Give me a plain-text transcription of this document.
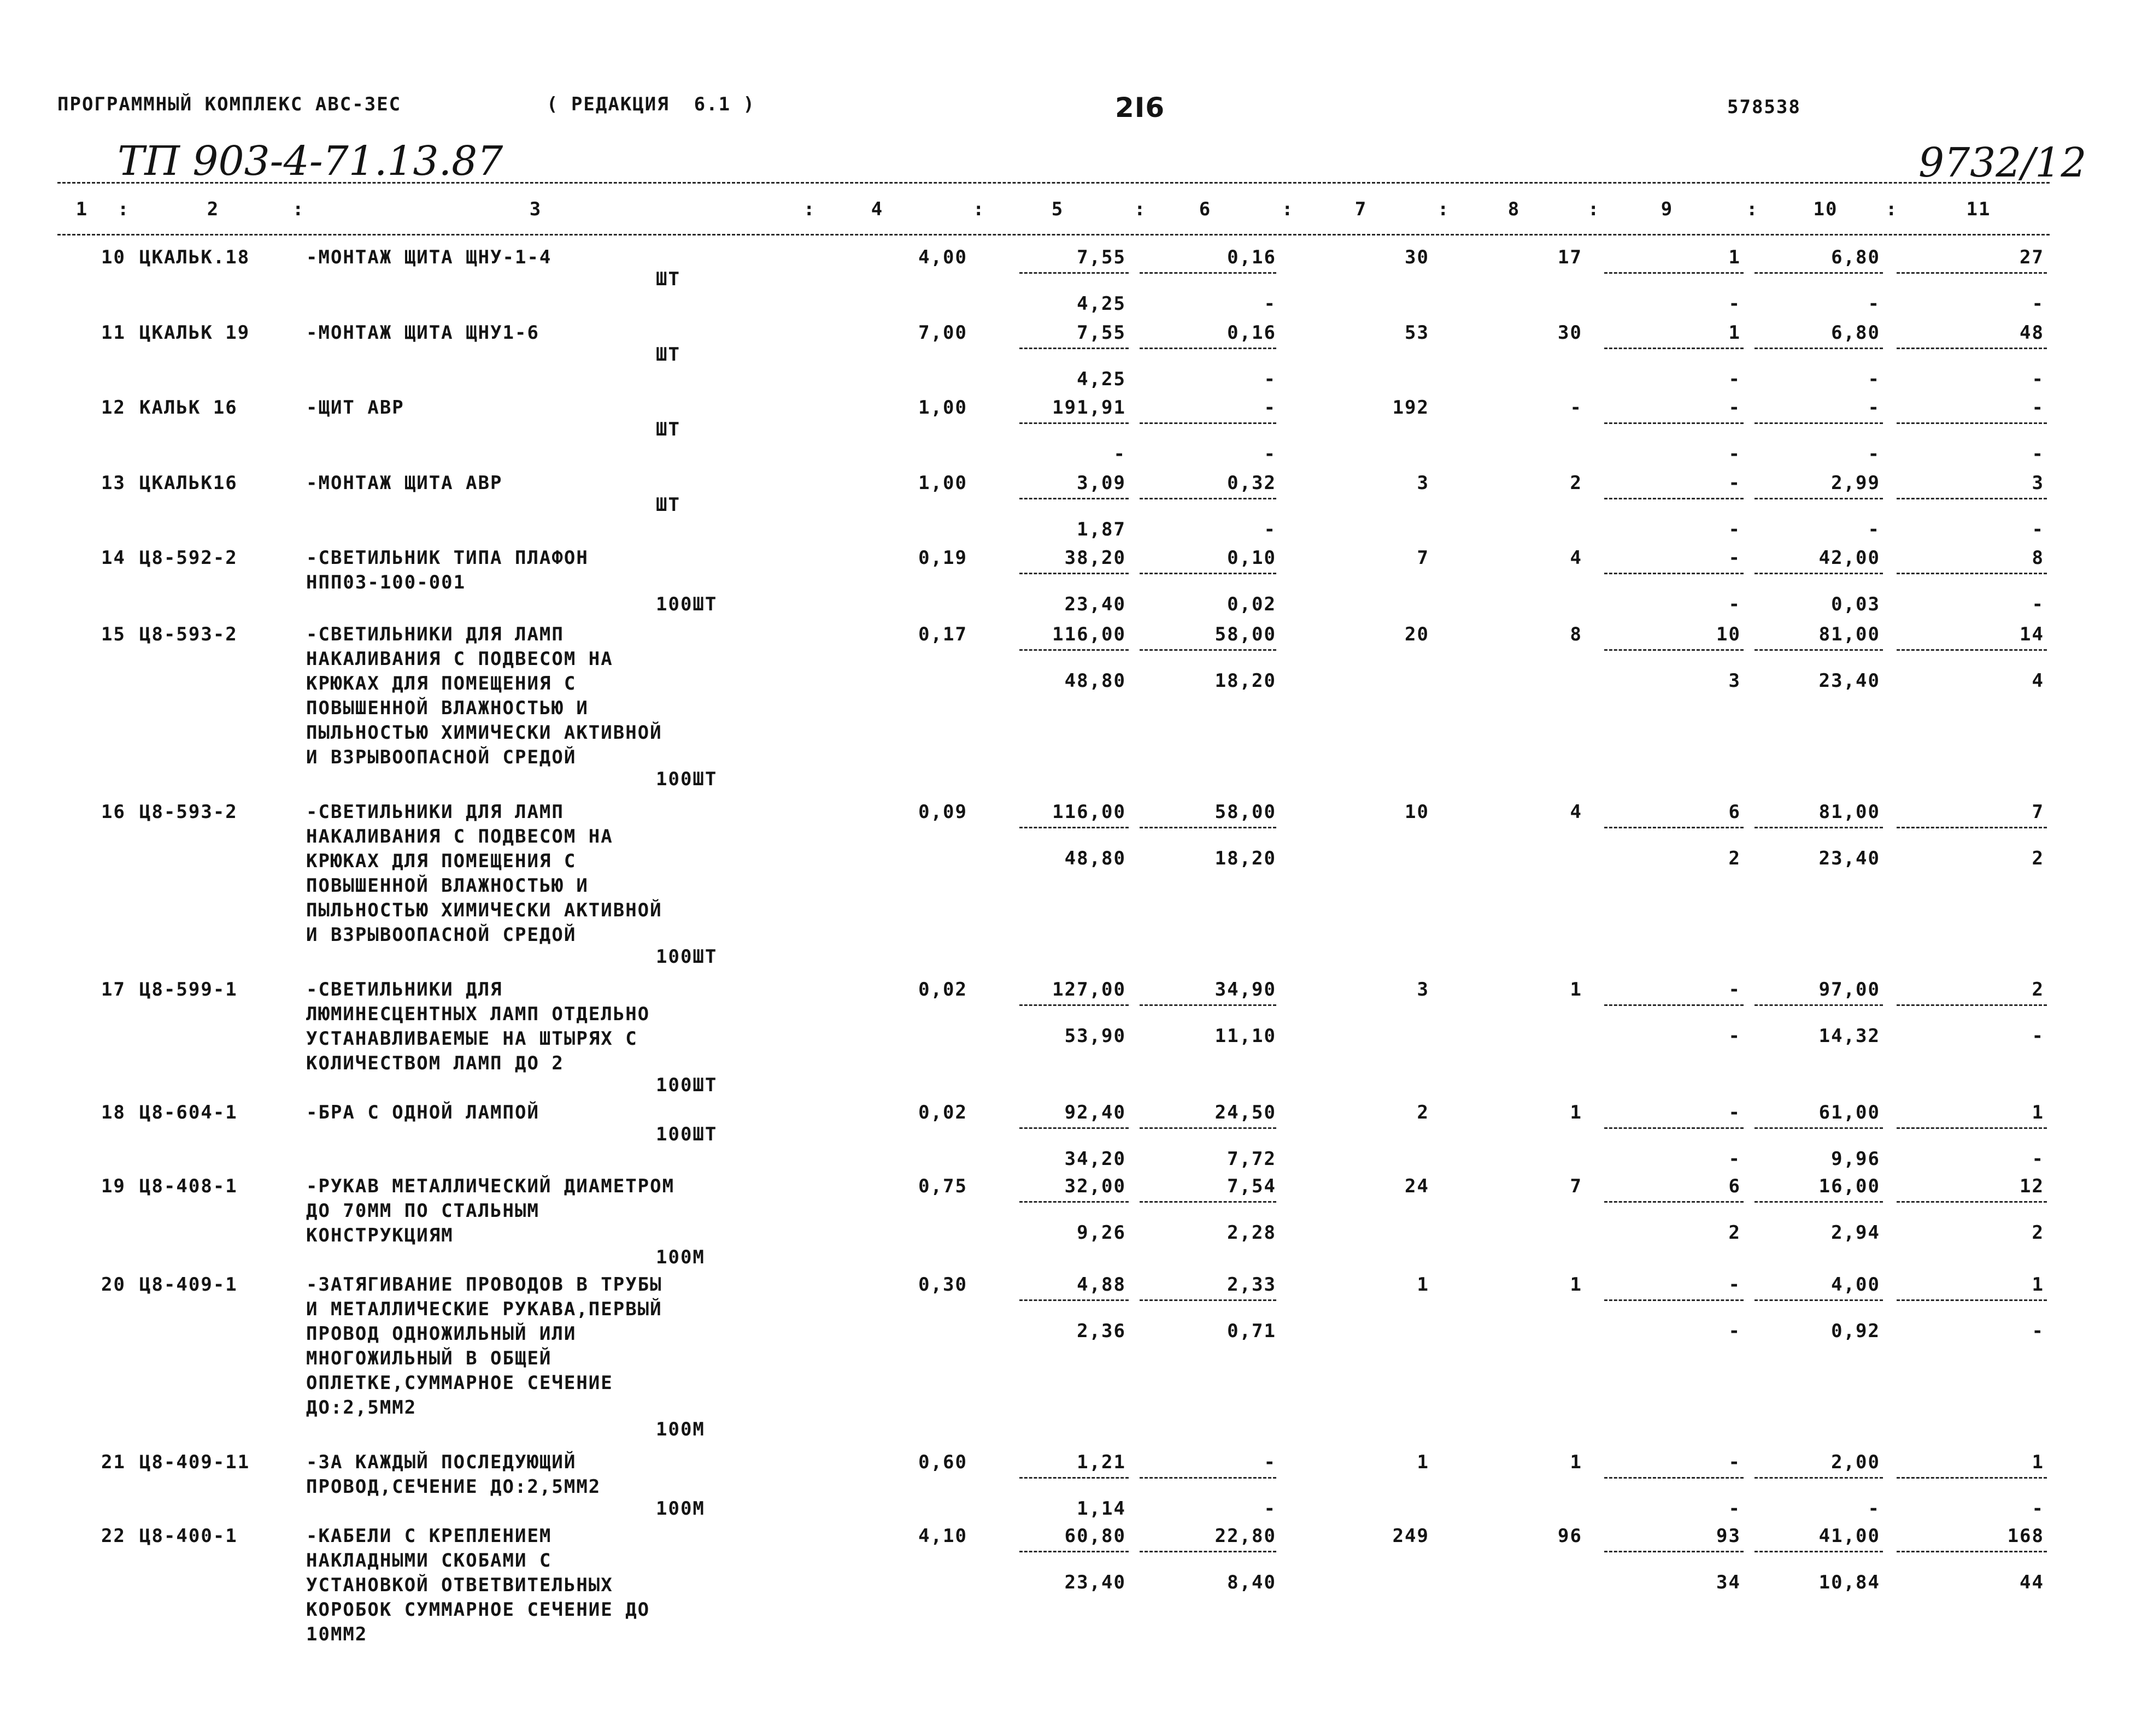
ПРОГРАММНЫЙ КОМПЛЕКС АВС-3ЕС	( РЕДАКЦИЯ  6.1 )	2I6	578538
ТП 903-4-71.13.87	9732/12
1	2	3	4	5	6	7	8	9	10	11
:	:	:	:	:	:	:	:	:	:
10 ЦКАЛЬК.18	-МОНТАЖ ЩИТА ЩНУ-1-4
ШТ
4,00	7,55	0,16	30	17	1	6,80	27
4,25	-	-	-	-
11 ЦКАЛЬК 19	-МОНТАЖ ЩИТА ЩНУ1-6
ШТ
7,00	7,55	0,16	53	30	1	6,80	48
4,25	-	-	-	-
12 КАЛЬК 16	-ЩИТ АВР
ШТ
1,00	191,91	-	192	-	-	-	-
-	-	-	-	-
13 ЦКАЛЬК16	-МОНТАЖ ЩИТА АВР
ШТ
1,00	3,09	0,32	3	2	-	2,99	3
1,87	-	-	-	-
14 Ц8-592-2	-СВЕТИЛЬНИК ТИПА ПЛАФОН
НПП03-100-001
100ШТ
0,19	38,20	0,10	7	4	-	42,00	8
23,40	0,02	-	0,03	-
15 Ц8-593-2	-СВЕТИЛЬНИКИ ДЛЯ ЛАМП
НАКАЛИВАНИЯ С ПОДВЕСОМ НА
КРЮКАХ ДЛЯ ПОМЕЩЕНИЯ С
ПОВЫШЕННОЙ ВЛАЖНОСТЬЮ И
ПЫЛЬНОСТЬЮ ХИМИЧЕСКИ АКТИВНОЙ
И ВЗРЫВООПАСНОЙ СРЕДОЙ
100ШТ
0,17	116,00	58,00	20	8	10	81,00	14
48,80	18,20	3	23,40	4
16 Ц8-593-2	-СВЕТИЛЬНИКИ ДЛЯ ЛАМП
НАКАЛИВАНИЯ С ПОДВЕСОМ НА
КРЮКАХ ДЛЯ ПОМЕЩЕНИЯ С
ПОВЫШЕННОЙ ВЛАЖНОСТЬЮ И
ПЫЛЬНОСТЬЮ ХИМИЧЕСКИ АКТИВНОЙ
И ВЗРЫВООПАСНОЙ СРЕДОЙ
100ШТ
0,09	116,00	58,00	10	4	6	81,00	7
48,80	18,20	2	23,40	2
17 Ц8-599-1	-СВЕТИЛЬНИКИ ДЛЯ
ЛЮМИНЕСЦЕНТНЫХ ЛАМП ОТДЕЛЬНО
УСТАНАВЛИВАЕМЫЕ НА ШТЫРЯХ С
КОЛИЧЕСТВОМ ЛАМП ДО 2
100ШТ
0,02	127,00	34,90	3	1	-	97,00	2
53,90	11,10	-	14,32	-
18 Ц8-604-1	-БРА С ОДНОЙ ЛАМПОЙ
100ШТ
0,02	92,40	24,50	2	1	-	61,00	1
34,20	7,72	-	9,96	-
19 Ц8-408-1	-РУКАВ МЕТАЛЛИЧЕСКИЙ ДИАМЕТРОМ
ДО 70ММ ПО СТАЛЬНЫМ
КОНСТРУКЦИЯМ
100М
0,75	32,00	7,54	24	7	6	16,00	12
9,26	2,28	2	2,94	2
20 Ц8-409-1	-ЗАТЯГИВАНИЕ ПРОВОДОВ В ТРУБЫ
И МЕТАЛЛИЧЕСКИЕ РУКАВА,ПЕРВЫЙ
ПРОВОД ОДНОЖИЛЬНЫЙ ИЛИ
МНОГОЖИЛЬНЫЙ В ОБЩЕЙ
ОПЛЕТКЕ,СУММАРНОЕ СЕЧЕНИЕ
ДО:2,5ММ2
100М
0,30	4,88	2,33	1	1	-	4,00	1
2,36	0,71	-	0,92	-
21 Ц8-409-11	-ЗА КАЖДЫЙ ПОСЛЕДУЮЩИЙ
ПРОВОД,СЕЧЕНИЕ ДО:2,5ММ2
100М
0,60	1,21	-	1	1	-	2,00	1
1,14	-	-	-	-
22 Ц8-400-1	-КАБЕЛИ С КРЕПЛЕНИЕМ
НАКЛАДНЫМИ СКОБАМИ С
УСТАНОВКОЙ ОТВЕТВИТЕЛЬНЫХ
КОРОБОК СУММАРНОЕ СЕЧЕНИЕ ДО
10ММ2
4,10	60,80	22,80	249	96	93	41,00	168
23,40	8,40	34	10,84	44
